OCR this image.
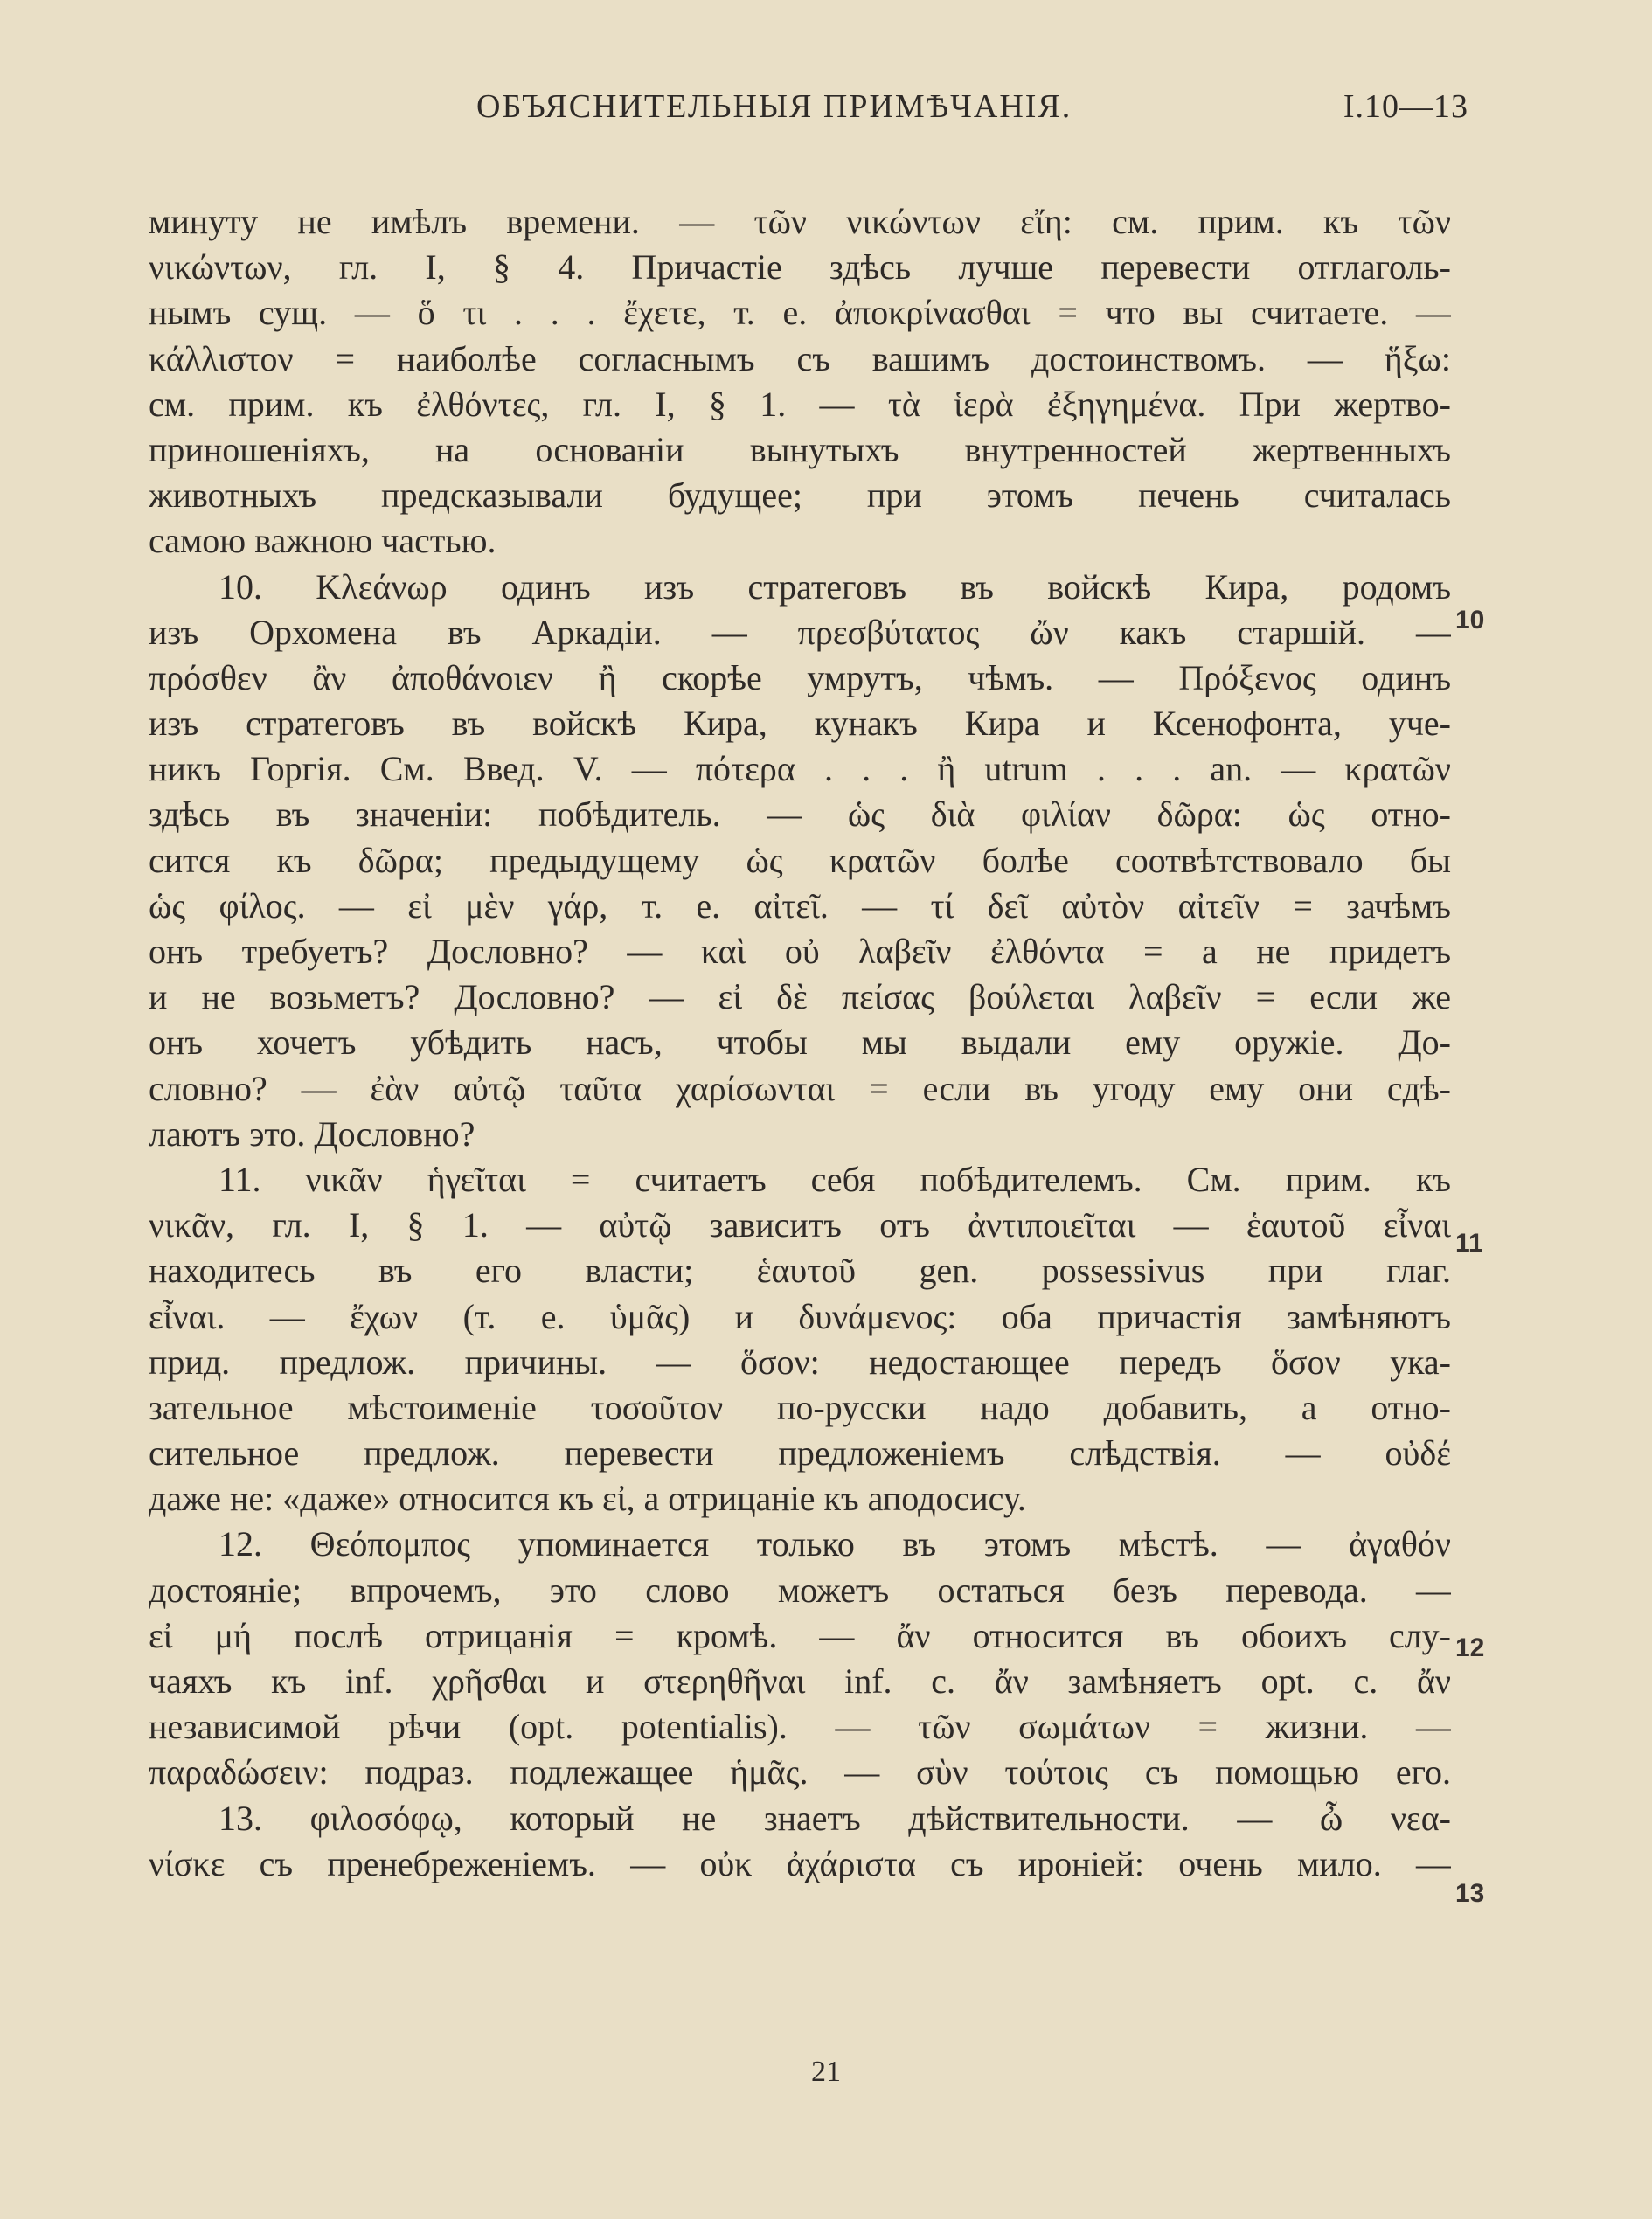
ОБЪЯСНИТЕЛЬНЫЯ ПРИМѢЧАНІЯ.	I.10—13
минуту не имѣлъ времени. — τῶν νικώντων εἴη: см. прим. къ τῶν
νικώντων, гл. I, § 4. Причастіе здѣсь лучше перевести отглаголь-
нымъ сущ. — ὅ τι . . . ἔχετε, т. е. ἀποκρίνασθαι = что вы считаете. —
κάλλιστον = наиболѣе согласнымъ съ вашимъ достоинствомъ. — ἥξω:
см. прим. къ ἐλθόντες, гл. I, § 1. — τὰ ἱερὰ ἐξηγημένα. При жертво-
приношеніяхъ, на основаніи вынутыхъ внутренностей жертвенныхъ
животныхъ предсказывали будущее; при этомъ печень считалась
самою важною частью.
10. Κλεάνωρ одинъ изъ стратеговъ въ войскѣ Кира, родомъ
изъ Орхомена въ Аркадіи. — πρεσβύτατος ὤν какъ старшій. —
πρόσθεν ἂν ἀποθάνοιεν ἢ скорѣе умрутъ, чѣмъ. — Πρόξενος одинъ
изъ стратеговъ въ войскѣ Кира, кунакъ Кира и Ксенофонта, уче-
никъ Горгія. См. Введ. V. — πότερα . . . ἢ utrum . . . an. — κρατῶν
здѣсь въ значеніи: побѣдитель. — ὡς διὰ φιλίαν δῶρα: ὡς отно-
сится къ δῶρα; предыдущему ὡς κρατῶν болѣе соотвѣтствовало бы
ὡς φίλος. — εἰ μὲν γάρ, т. е. αἰτεῖ. — τί δεῖ αὐτὸν αἰτεῖν = зачѣмъ
онъ требуетъ? Дословно? — καὶ οὐ λαβεῖν ἐλθόντα = а не придетъ
и не возьметъ? Дословно? — εἰ δὲ πείσας βούλεται λαβεῖν = если же
онъ хочетъ убѣдить насъ, чтобы мы выдали ему оружіе. До-
словно? — ἐὰν αὐτῷ ταῦτα χαρίσωνται = если въ угоду ему они сдѣ-
лаютъ это. Дословно?
11. νικᾶν ἡγεῖται = считаетъ себя побѣдителемъ. См. прим. къ
νικᾶν, гл. I, § 1. — αὐτῷ зависитъ отъ ἀντιποιεῖται — ἑαυτοῦ εἶναι
находитесь въ его власти; ἑαυτοῦ gen. possessivus при глаг.
εἶναι. — ἔχων (т. е. ὑμᾶς) и δυνάμενος: оба причастія замѣняютъ
прид. предлож. причины. — ὅσον: недостающее передъ ὅσον ука-
зательное мѣстоименіе τοσοῦτον по-русски надо добавить, а отно-
сительное предлож. перевести предложеніемъ слѣдствія. — οὐδέ
даже не: «даже» относится къ εἰ, а отрицаніе къ аподосису.
12. Θεόπομπος упоминается только въ этомъ мѣстѣ. — ἀγαθόν
достояніе; впрочемъ, это слово можетъ остаться безъ перевода. —
εἰ μή послѣ отрицанія = кромѣ. — ἄν относится въ обоихъ слу-
чаяхъ къ inf. χρῆσθαι и στερηθῆναι inf. c. ἄν замѣняетъ opt. c. ἄν
независимой рѣчи (opt. potentialis). — τῶν σωμάτων = жизни. —
παραδώσειν: подраз. подлежащее ἡμᾶς. — σὺν τούτοις съ помощью его.
13. φιλοσόφῳ, который не знаетъ дѣйствительности. — ὦ νεα-
νίσκε съ пренебреженіемъ. — οὐκ ἀχάριστα съ ироніей: очень мило. —
10
11
12
13
21
